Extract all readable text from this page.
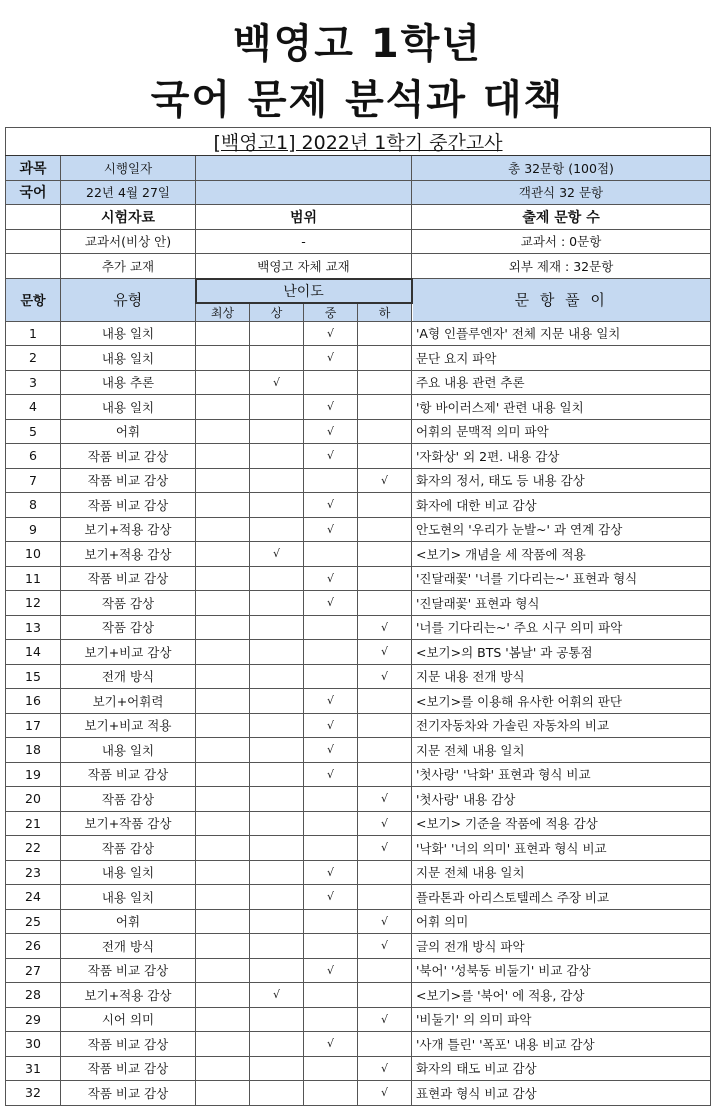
백영고 1학년
국어 문제 분석과 대책
[백영고1] 2022년 1학기 중간고사						
과목	시행일자					총 32문항 (100점)
국어	22년 4월 27일					객관식 32 문항
	시험자료	범위				출제 문항 수
	교과서(비상 안)	-				교과서 : 0문항
	추가 교재	백영고 자체 교재				외부 제재 : 32문항
문항	유형	난이도				문 항 풀 이
		최상	상	중	하	
1	내용 일치			√		'A형 인플루엔자' 전체 지문 내용 일치
2	내용 일치			√		문단 요지 파악
3	내용 추론		√			주요 내용 관련 추론
4	내용 일치			√		'항 바이러스제' 관련 내용 일치
5	어휘			√		어휘의 문맥적 의미 파악
6	작품 비교 감상			√		'자화상' 외 2편. 내용 감상
7	작품 비교 감상				√	화자의 정서, 태도 등 내용 감상
8	작품 비교 감상			√		화자에 대한 비교 감상
9	보기+적용 감상			√		안도현의 '우리가 눈발~' 과 연계 감상
10	보기+적용 감상		√			<보기> 개념을 세 작품에 적용
11	작품 비교 감상			√		'진달래꽃' '너를 기다리는~' 표현과 형식
12	작품 감상			√		'진달래꽃' 표현과 형식
13	작품 감상				√	'너를 기다리는~' 주요 시구 의미 파악
14	보기+비교 감상				√	<보기>의 BTS '봄날' 과 공통점
15	전개 방식				√	지문 내용 전개 방식
16	보기+어휘력			√		<보기>를 이용해 유사한 어휘의 판단
17	보기+비교 적용			√		전기자동차와 가솔린 자동차의 비교
18	내용 일치			√		지문 전체 내용 일치
19	작품 비교 감상			√		'첫사랑' '낙화' 표현과 형식 비교
20	작품 감상				√	'첫사랑' 내용 감상
21	보기+작품 감상				√	<보기> 기준을 작품에 적용 감상
22	작품 감상				√	'낙화' '너의 의미' 표현과 형식 비교
23	내용 일치			√		지문 전체 내용 일치
24	내용 일치			√		플라톤과 아리스토텔레스 주장 비교
25	어휘				√	어휘 의미
26	전개 방식				√	글의 전개 방식 파악
27	작품 비교 감상			√		'북어' '성북동 비둘기' 비교 감상
28	보기+적용 감상		√			<보기>를 '북어' 에 적용, 감상
29	시어 의미				√	'비둘기' 의 의미 파악
30	작품 비교 감상			√		'사개 틀린' '폭포' 내용 비교 감상
31	작품 비교 감상				√	화자의 태도 비교 감상
32	작품 비교 감상				√	표현과 형식 비교 감상
